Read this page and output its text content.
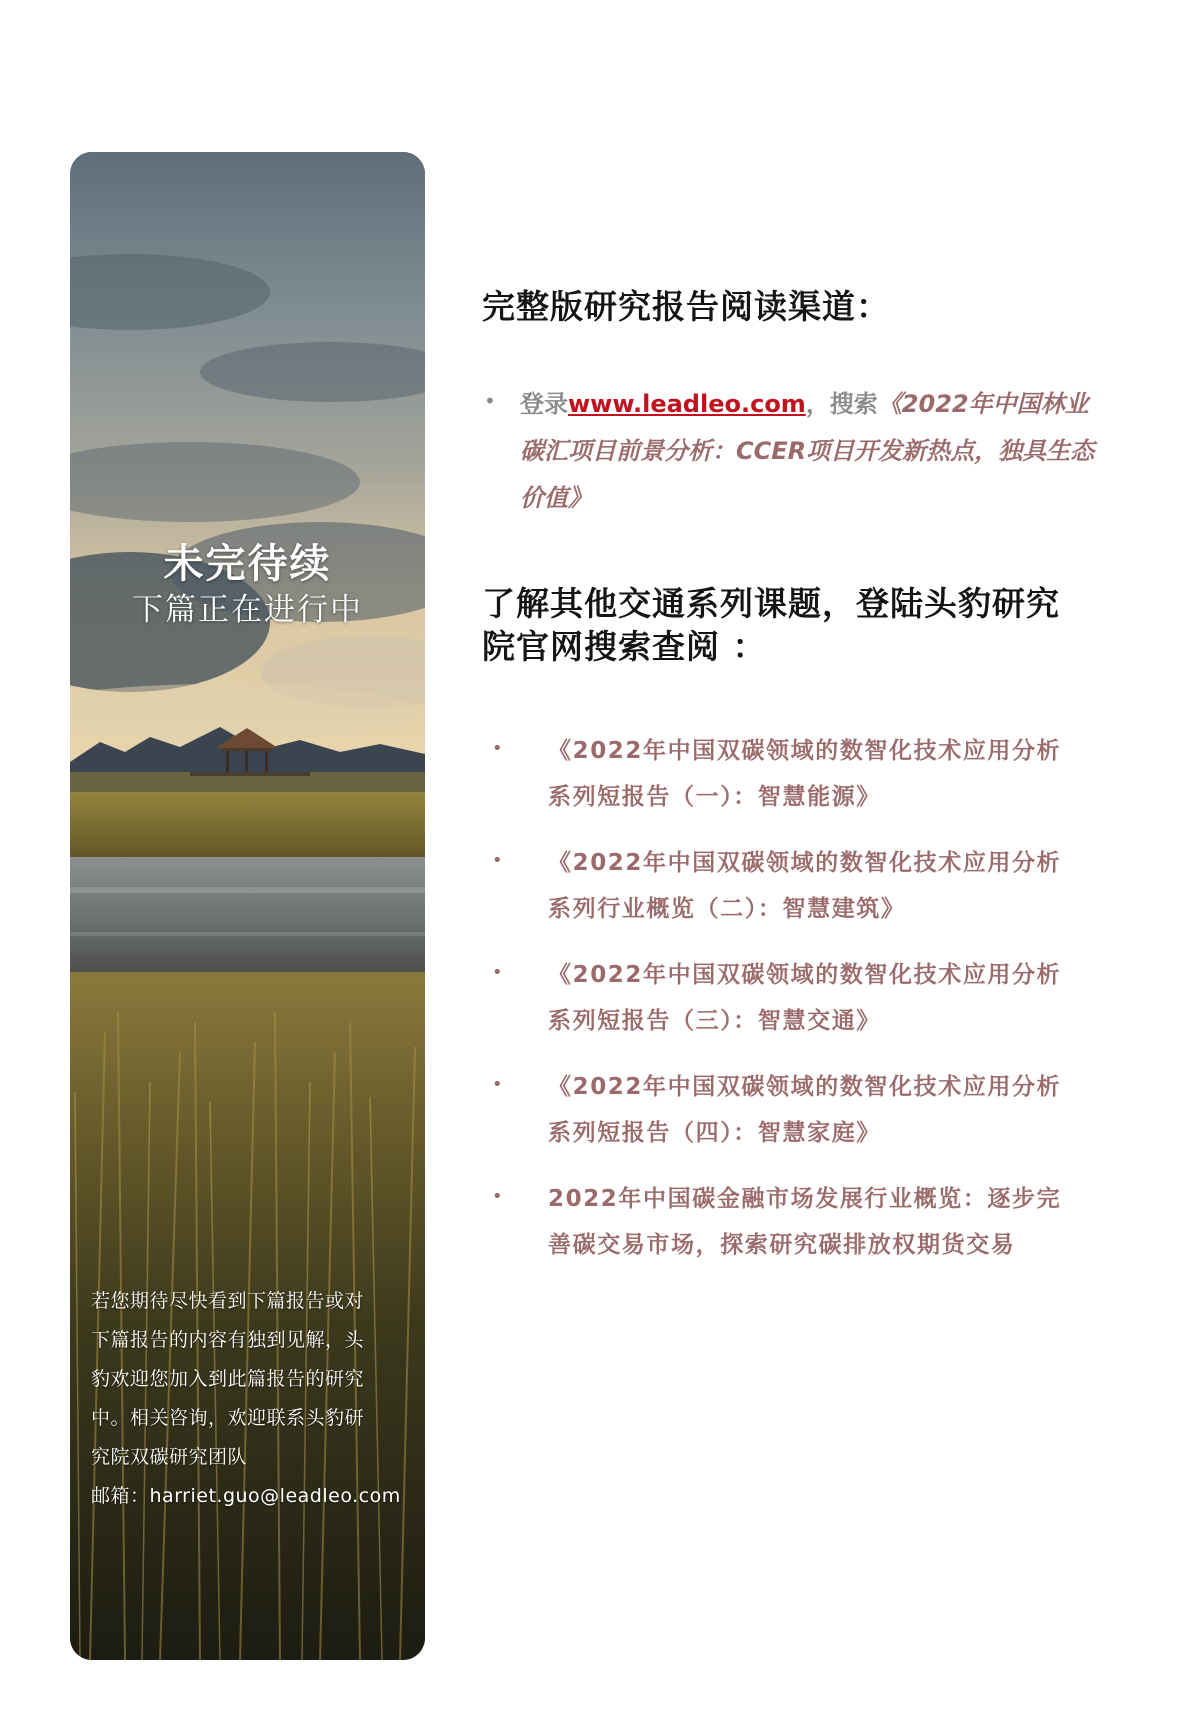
未完待续
下篇正在进行中
若您期待尽快看到下篇报告或对
下篇报告的内容有独到见解，头
豹欢迎您加入到此篇报告的研究
中。相关咨询，欢迎联系头豹研
究院双碳研究团队
邮箱：harriet.guo@leadleo.com
完整版研究报告阅读渠道：
• 登录www.leadleo.com，搜索《2022年中国林业碳汇项目前景分析：CCER项目开发新热点，独具生态价值》
了解其他交通系列课题，登陆头豹研究
院官网搜索查阅 ：
• 《2022年中国双碳领域的数智化技术应用分析
系列短报告（一）：智慧能源》
• 《2022年中国双碳领域的数智化技术应用分析
系列行业概览（二）：智慧建筑》
• 《2022年中国双碳领域的数智化技术应用分析
系列短报告（三）：智慧交通》
• 《2022年中国双碳领域的数智化技术应用分析
系列短报告（四）：智慧家庭》
• 2022年中国碳金融市场发展行业概览：逐步完
善碳交易市场，探索研究碳排放权期货交易
